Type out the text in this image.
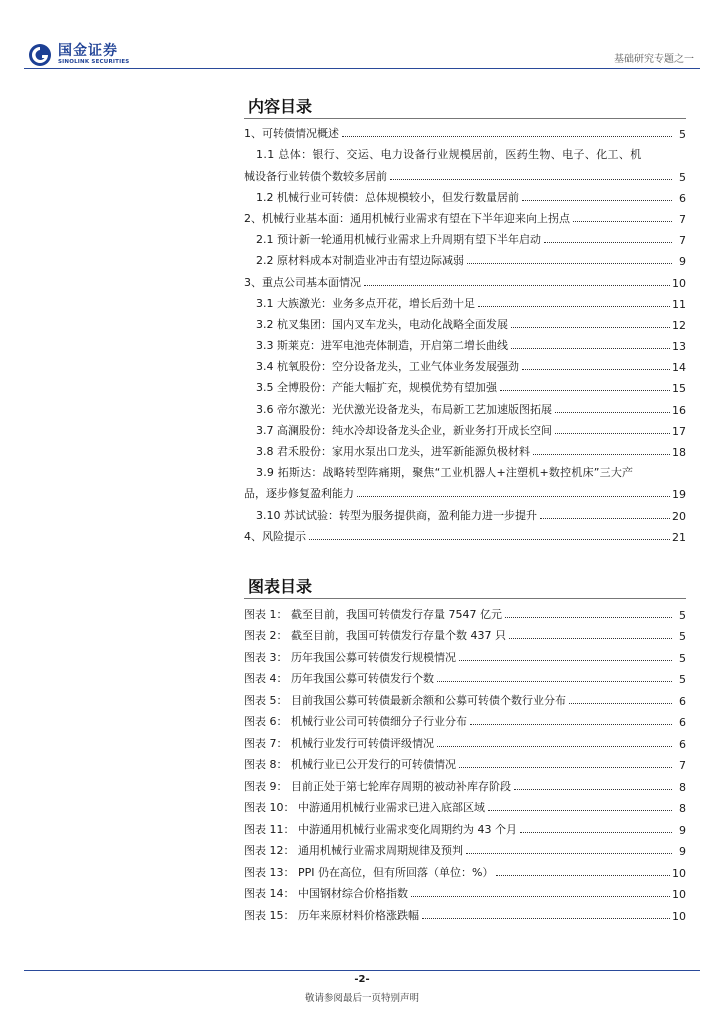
国金证券
SINOLINK SECURITIES	基础研究专题之一
内容目录
1、可转债情况概述	5
1.1 总体：银行、交运、电力设备行业规模居前，医药生物、电子、化工、机
械设备行业转债个数较多居前	5
1.2 机械行业可转债：总体规模较小，但发行数量居前	6
2、机械行业基本面：通用机械行业需求有望在下半年迎来向上拐点	7
2.1 预计新一轮通用机械行业需求上升周期有望下半年启动	7
2.2 原材料成本对制造业冲击有望边际减弱	9
3、重点公司基本面情况	10
3.1 大族激光：业务多点开花，增长后劲十足	11
3.2 杭叉集团：国内叉车龙头，电动化战略全面发展	12
3.3 斯莱克：进军电池壳体制造，开启第二增长曲线	13
3.4 杭氧股份：空分设备龙头，工业气体业务发展强劲	14
3.5 全博股份：产能大幅扩充，规模优势有望加强	15
3.6 帝尔激光：光伏激光设备龙头，布局新工艺加速版图拓展	16
3.7 高澜股份：纯水冷却设备龙头企业，新业务打开成长空间	17
3.8 君禾股份：家用水泵出口龙头，进军新能源负极材料	18
3.9 拓斯达：战略转型阵痛期，聚焦“工业机器人+注塑机+数控机床”三大产
品，逐步修复盈利能力	19
3.10 苏试试验：转型为服务提供商，盈利能力进一步提升	20
4、风险提示	21
图表目录
图表 1： 截至目前，我国可转债发行存量 7547 亿元	5
图表 2： 截至目前，我国可转债发行存量个数 437 只	5
图表 3： 历年我国公募可转债发行规模情况	5
图表 4： 历年我国公募可转债发行个数	5
图表 5： 目前我国公募可转债最新余额和公募可转债个数行业分布	6
图表 6： 机械行业公司可转债细分子行业分布	6
图表 7： 机械行业发行可转债评级情况	6
图表 8： 机械行业已公开发行的可转债情况	7
图表 9： 目前正处于第七轮库存周期的被动补库存阶段	8
图表 10： 中游通用机械行业需求已进入底部区域	8
图表 11： 中游通用机械行业需求变化周期约为 43 个月	9
图表 12： 通用机械行业需求周期规律及预判	9
图表 13： PPI 仍在高位，但有所回落（单位：%）	10
图表 14： 中国钢材综合价格指数	10
图表 15： 历年来原材料价格涨跌幅	10
-2-
敬请参阅最后一页特别声明
